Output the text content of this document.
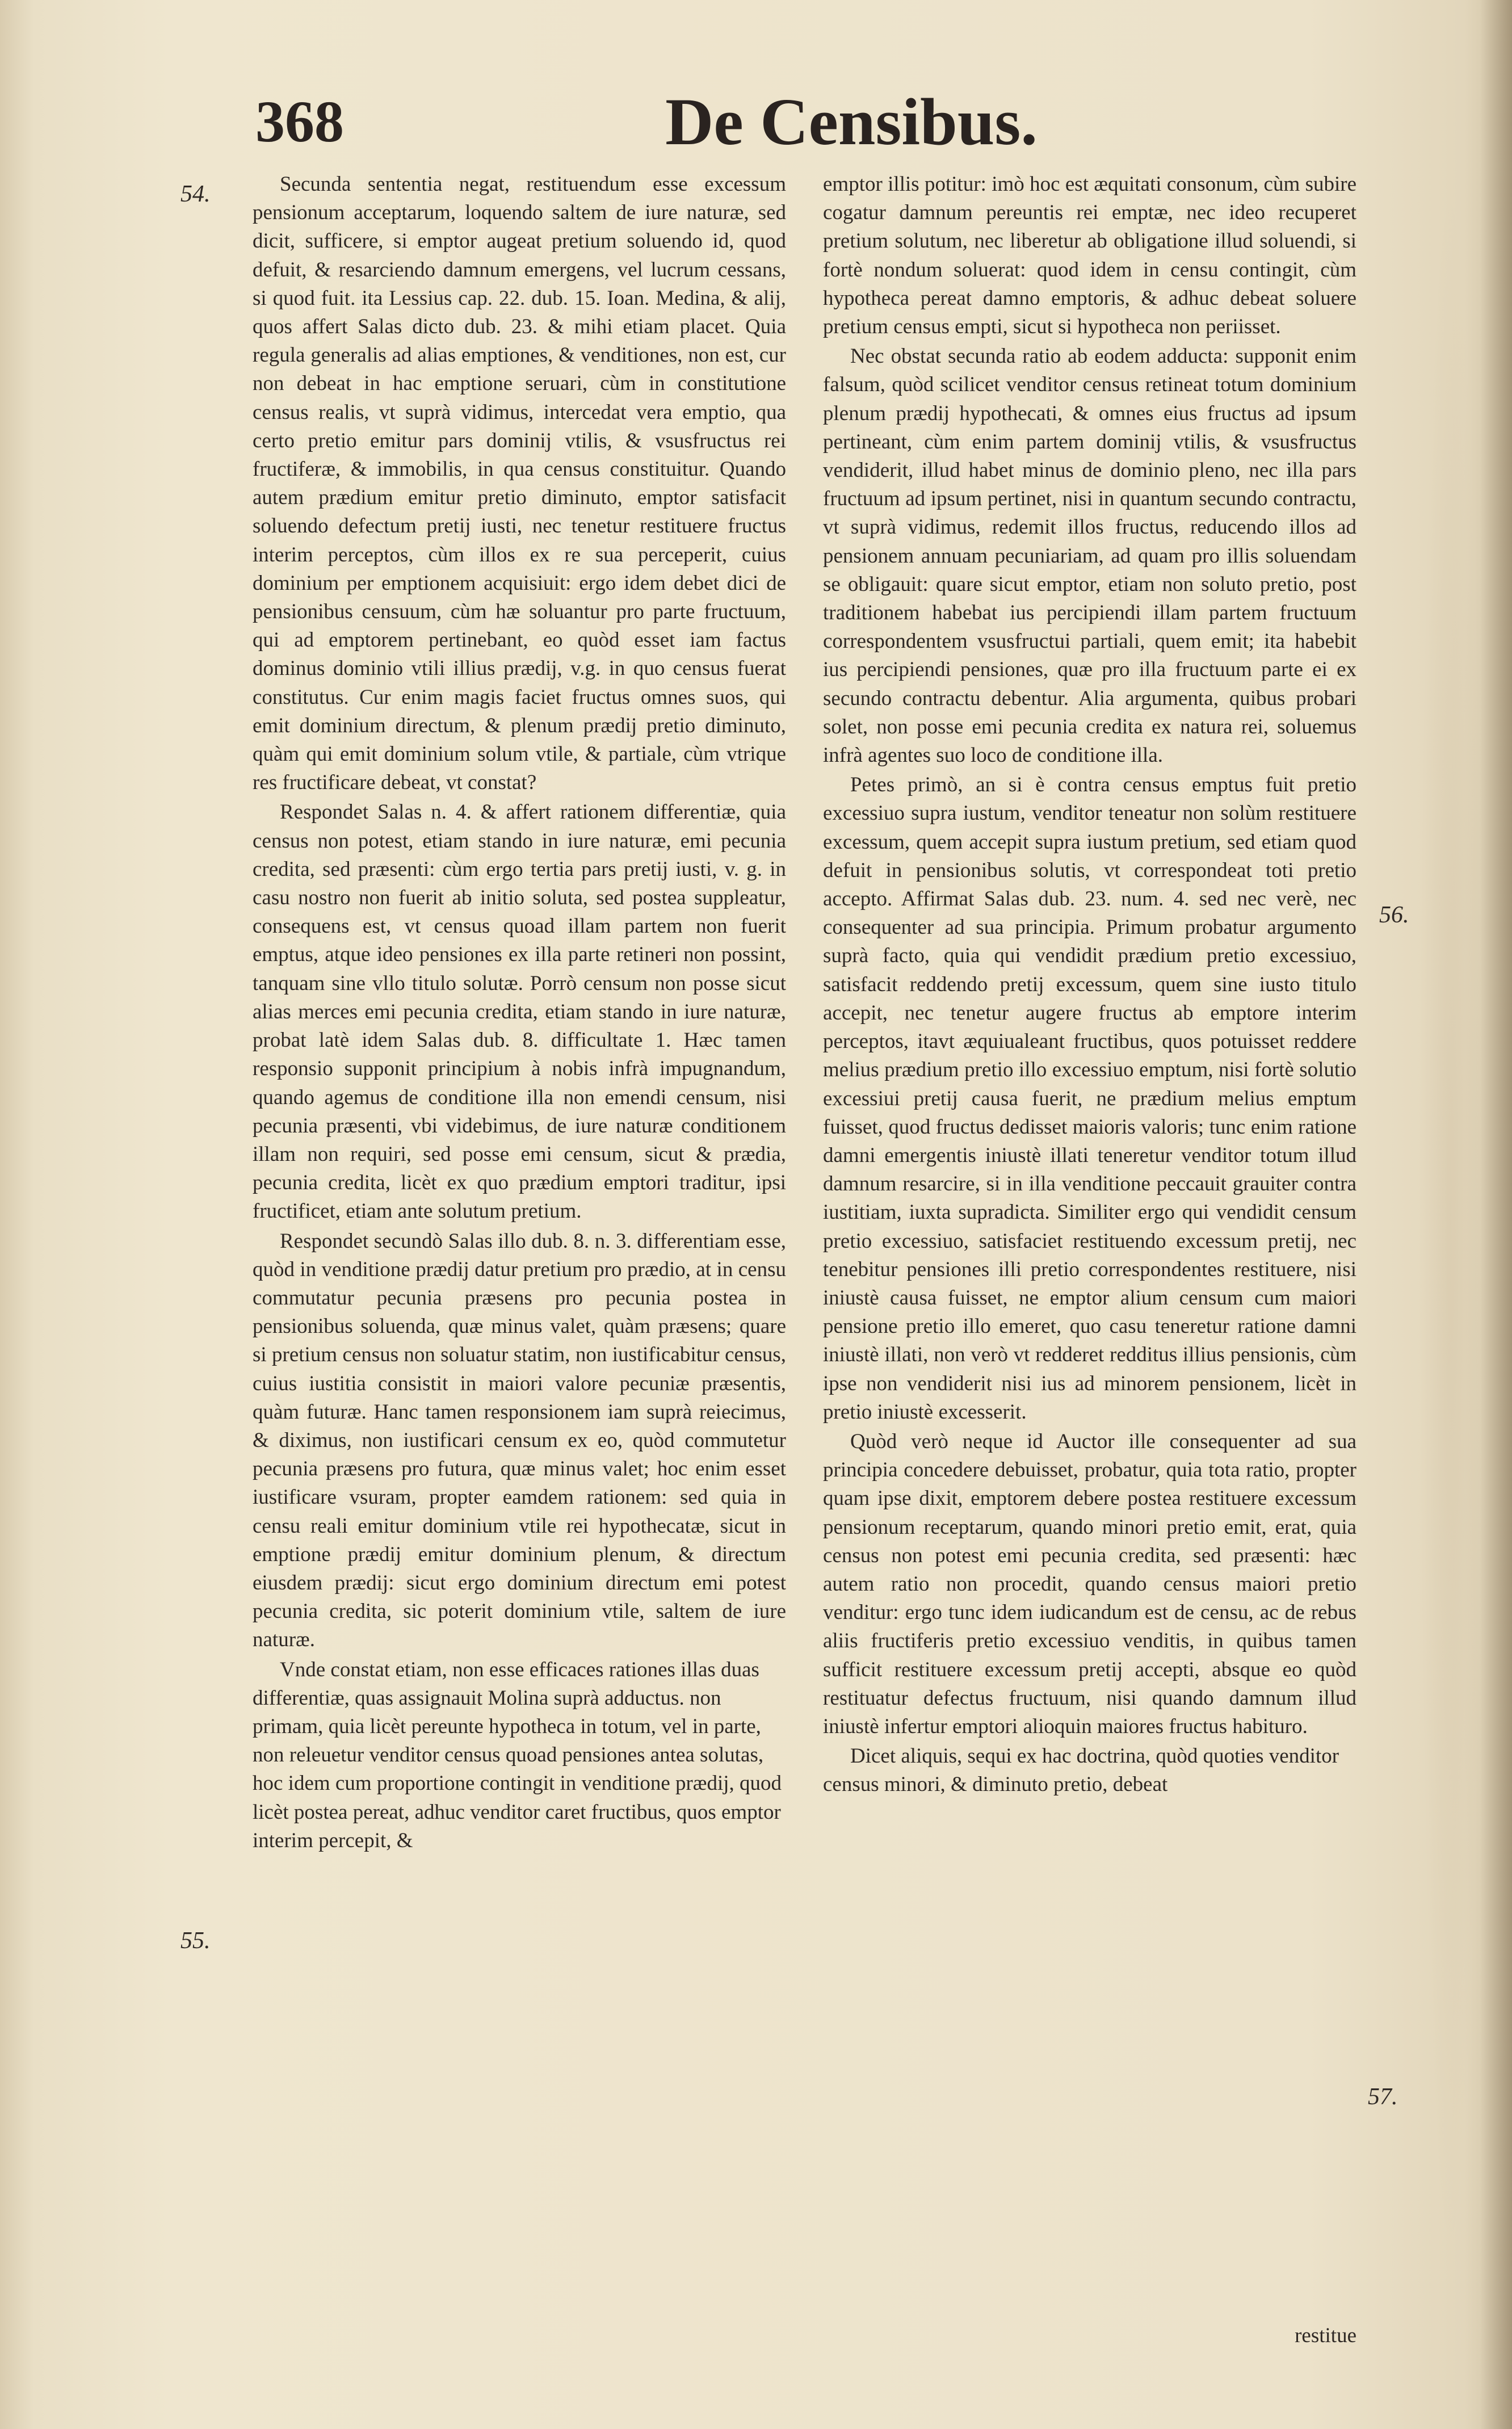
368	De Censibus.
54.
55.
56.
57.

Secunda sententia negat, restituendum esse excessum pensionum acceptarum, loquendo saltem de iure naturæ, sed dicit, sufficere, si emptor augeat pretium soluendo id, quod defuit, & resarciendo damnum emergens, vel lucrum cessans, si quod fuit. ita Lessius cap. 22. dub. 15. Ioan. Medina, & alij, quos affert Salas dicto dub. 23. & mihi etiam placet. Quia regula generalis ad alias emptiones, & venditiones, non est, cur non debeat in hac emptione seruari, cùm in constitutione census realis, vt suprà vidimus, intercedat vera emptio, qua certo pretio emitur pars dominij vtilis, & vsusfructus rei fructiferæ, & immobilis, in qua census constituitur. Quando autem prædium emitur pretio diminuto, emptor satisfacit soluendo defectum pretij iusti, nec tenetur restituere fructus interim perceptos, cùm illos ex re sua perceperit, cuius dominium per emptionem acquisiuit: ergo idem debet dici de pensionibus censuum, cùm hæ soluantur pro parte fructuum, qui ad emptorem pertinebant, eo quòd esset iam factus dominus dominio vtili illius prædij, v.g. in quo census fuerat constitutus. Cur enim magis faciet fructus omnes suos, qui emit dominium directum, & plenum prædij pretio diminuto, quàm qui emit dominium solum vtile, & partiale, cùm vtrique res fructificare debeat, vt constat?

Respondet Salas n. 4. & affert rationem differentiæ, quia census non potest, etiam stando in iure naturæ, emi pecunia credita, sed præsenti: cùm ergo tertia pars pretij iusti, v. g. in casu nostro non fuerit ab initio soluta, sed postea suppleatur, consequens est, vt census quoad illam partem non fuerit emptus, atque ideo pensiones ex illa parte retineri non possint, tanquam sine vllo titulo solutæ. Porrò censum non posse sicut alias merces emi pecunia credita, etiam stando in iure naturæ, probat latè idem Salas dub. 8. difficultate 1. Hæc tamen responsio supponit principium à nobis infrà impugnandum, quando agemus de conditione illa non emendi censum, nisi pecunia præsenti, vbi videbimus, de iure naturæ conditionem illam non requiri, sed posse emi censum, sicut & prædia, pecunia credita, licèt ex quo prædium emptori traditur, ipsi fructificet, etiam ante solutum pretium.

Respondet secundò Salas illo dub. 8. n. 3. differentiam esse, quòd in venditione prædij datur pretium pro prædio, at in censu commutatur pecunia præsens pro pecunia postea in pensionibus soluenda, quæ minus valet, quàm præsens; quare si pretium census non soluatur statim, non iustificabitur census, cuius iustitia consistit in maiori valore pecuniæ præsentis, quàm futuræ. Hanc tamen responsionem iam suprà reiecimus, & diximus, non iustificari censum ex eo, quòd commutetur pecunia præsens pro futura, quæ minus valet; hoc enim esset iustificare vsuram, propter eamdem rationem: sed quia in censu reali emitur dominium vtile rei hypothecatæ, sicut in emptione prædij emitur dominium plenum, & directum eiusdem prædij: sicut ergo dominium directum emi potest pecunia credita, sic poterit dominium vtile, saltem de iure naturæ.

Vnde constat etiam, non esse efficaces rationes illas duas differentiæ, quas assignauit Molina suprà adductus. non primam, quia licèt pereunte hypotheca in totum, vel in parte, non releuetur venditor census quoad pensiones antea solutas, hoc idem cum proportione contingit in venditione prædij, quod licèt postea pereat, adhuc venditor caret fructibus, quos emptor interim percepit, &

emptor illis potitur: imò hoc est æquitati consonum, cùm subire cogatur damnum pereuntis rei emptæ, nec ideo recuperet pretium solutum, nec liberetur ab obligatione illud soluendi, si fortè nondum soluerat: quod idem in censu contingit, cùm hypotheca pereat damno emptoris, & adhuc debeat soluere pretium census empti, sicut si hypotheca non periisset.

Nec obstat secunda ratio ab eodem adducta: supponit enim falsum, quòd scilicet venditor census retineat totum dominium plenum prædij hypothecati, & omnes eius fructus ad ipsum pertineant, cùm enim partem dominij vtilis, & vsusfructus vendiderit, illud habet minus de dominio pleno, nec illa pars fructuum ad ipsum pertinet, nisi in quantum secundo contractu, vt suprà vidimus, redemit illos fructus, reducendo illos ad pensionem annuam pecuniariam, ad quam pro illis soluendam se obligauit: quare sicut emptor, etiam non soluto pretio, post traditionem habebat ius percipiendi illam partem fructuum correspondentem vsusfructui partiali, quem emit; ita habebit ius percipiendi pensiones, quæ pro illa fructuum parte ei ex secundo contractu debentur. Alia argumenta, quibus probari solet, non posse emi pecunia credita ex natura rei, soluemus infrà agentes suo loco de conditione illa.

Petes primò, an si è contra census emptus fuit pretio excessiuo supra iustum, venditor teneatur non solùm restituere excessum, quem accepit supra iustum pretium, sed etiam quod defuit in pensionibus solutis, vt correspondeat toti pretio accepto. Affirmat Salas dub. 23. num. 4. sed nec verè, nec consequenter ad sua principia. Primum probatur argumento suprà facto, quia qui vendidit prædium pretio excessiuo, satisfacit reddendo pretij excessum, quem sine iusto titulo accepit, nec tenetur augere fructus ab emptore interim perceptos, itavt æquiualeant fructibus, quos potuisset reddere melius prædium pretio illo excessiuo emptum, nisi fortè solutio excessiui pretij causa fuerit, ne prædium melius emptum fuisset, quod fructus dedisset maioris valoris; tunc enim ratione damni emergentis iniustè illati teneretur venditor totum illud damnum resarcire, si in illa venditione peccauit grauiter contra iustitiam, iuxta supradicta. Similiter ergo qui vendidit censum pretio excessiuo, satisfaciet restituendo excessum pretij, nec tenebitur pensiones illi pretio correspondentes restituere, nisi iniustè causa fuisset, ne emptor alium censum cum maiori pensione pretio illo emeret, quo casu teneretur ratione damni iniustè illati, non verò vt redderet redditus illius pensionis, cùm ipse non vendiderit nisi ius ad minorem pensionem, licèt in pretio iniustè excesserit.

Quòd verò neque id Auctor ille consequenter ad sua principia concedere debuisset, probatur, quia tota ratio, propter quam ipse dixit, emptorem debere postea restituere excessum pensionum receptarum, quando minori pretio emit, erat, quia census non potest emi pecunia credita, sed præsenti: hæc autem ratio non procedit, quando census maiori pretio venditur: ergo tunc idem iudicandum est de censu, ac de rebus aliis fructiferis pretio excessiuo venditis, in quibus tamen sufficit restituere excessum pretij accepti, absque eo quòd restituatur defectus fructuum, nisi quando damnum illud iniustè infertur emptori alioquin maiores fructus habituro.

Dicet aliquis, sequi ex hac doctrina, quòd quoties venditor census minori, & diminuto pretio, debeat

restitue
